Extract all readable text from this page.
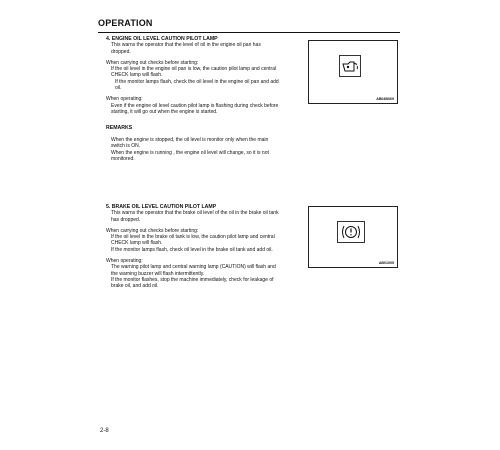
OPERATION
4. ENGINE OIL LEVEL CAUTION PILOT LAMP

This warns the operator that the level of oil in the engine oil pan has

dropped.

When carrying out checks before starting:

If the oil level in the engine oil pan is low, the caution pilot lamp and central

CHECK lamp will flash.

If the monitor lamps flash, check the oil level in the engine oil pan and add

oil.

When operating:

Even if the engine oil level caution pilot lamp is flashing during check before

starting, it will go out when the engine is started.

REMARKS

When the engine is stopped, the oil level is monitor only when the main

switch is ON.

When the engine is running , the engine oil level will change, so it is not

monitored.

AB04B069
5. BRAKE OIL LEVEL CAUTION PILOT LAMP

This warns the operator that the brake oil level of the oil in the brake oil tank

has dropped.

When carrying out checks before starting:

If the oil level in the brake oil tank is low, the caution pilot lamp and central

CHECK lamp will flash.

If the monitor lamps flash, check oil level in the brake oil tank and add oil.

When operating:

The warning pilot lamp and central warning lamp (CAUTION) will flash and

the warning buzzer will flash intermittently.

If the monitor flashes, stop the machine immediately, check for leakage of

brake oil, and add oil.

AB01005
2-8
